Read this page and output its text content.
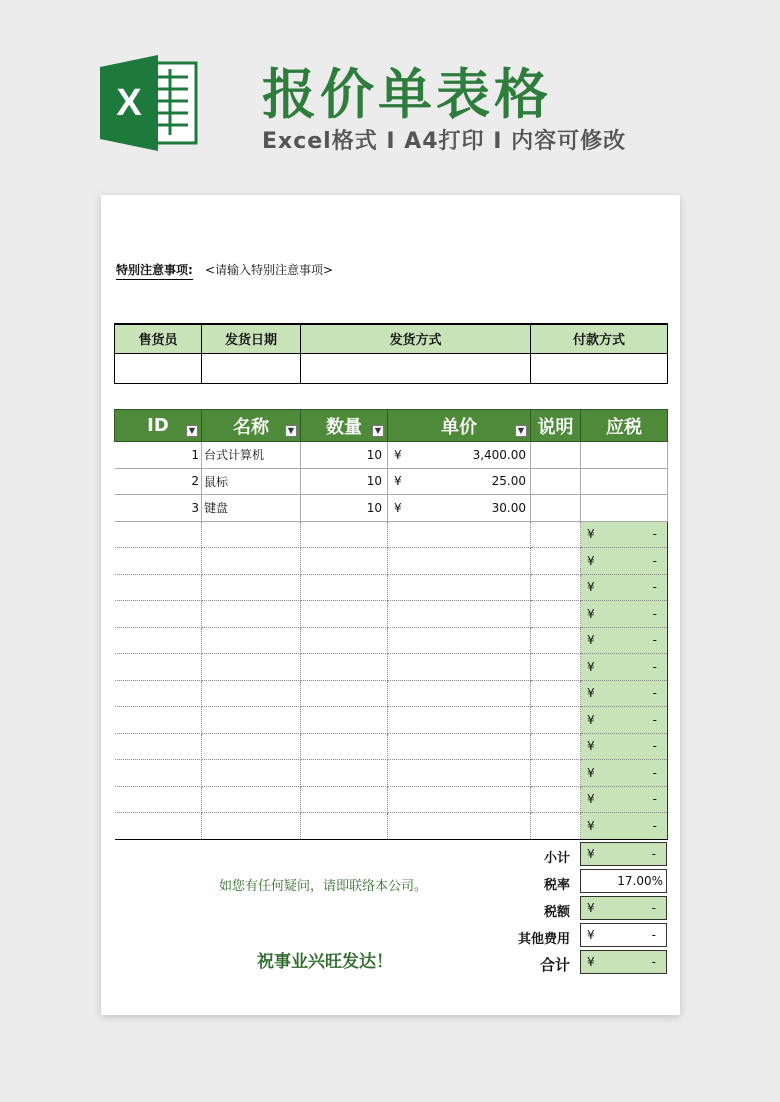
X 报价单表格
Excel格式 I A4打印 I 内容可修改
特别注意事项: <请输入特别注意事项>
售货员	发货日期	发货方式	付款方式

ID ▼	名称 ▼	数量 ▼	单价 ▼	说明	应税
1	台式计算机	10	¥ 3,400.00		

2	鼠标	10	¥ 25.00		

3	键盘	10	¥ 30.00		

					¥ -

					¥ -

					¥ -

					¥ -

					¥ -

					¥ -

					¥ -

					¥ -

					¥ -

					¥ -

					¥ -

					¥ -
小计 ¥	-
税率	17.00%
税额 ¥	-
其他费用 ¥	-
合计 ¥	-
如您有任何疑问，请即联络本公司。
祝事业兴旺发达！
